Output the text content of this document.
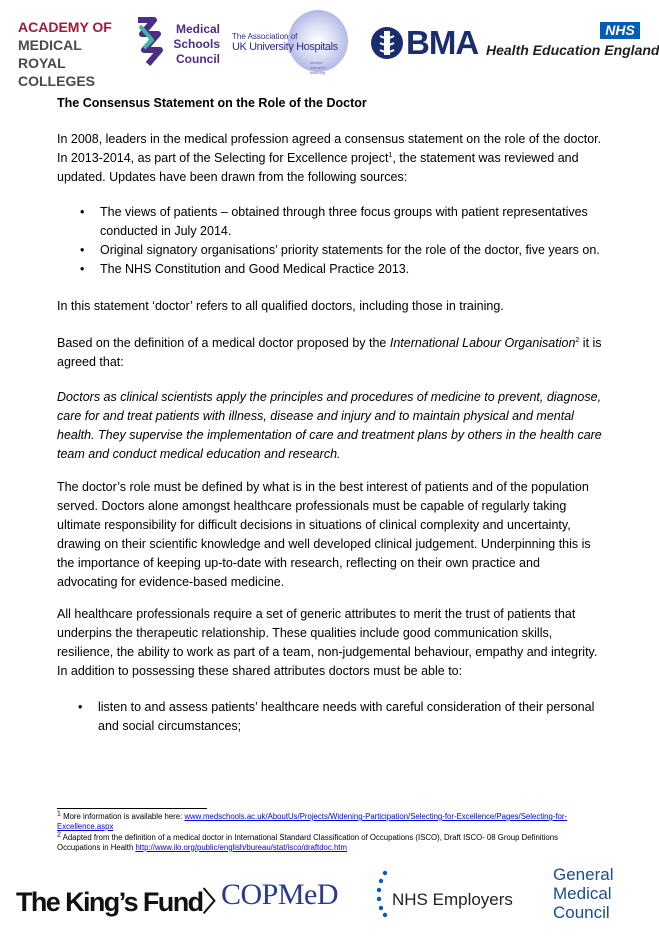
ACADEMY OF
MEDICAL ROYAL
COLLEGES
Medical
Schools
Council
The Association of
UK University Hospitals
service
research
teaching
BMA	NHS
Health Education England

The Consensus Statement on the Role of the Doctor

In 2008, leaders in the medical profession agreed a consensus statement on the role of the doctor. In 2013-2014, as part of the Selecting for Excellence project$^1$, the statement was reviewed and updated. Updates have been drawn from the following sources:

• The views of patients – obtained through three focus groups with patient representatives conducted in July 2014.
• Original signatory organisations’ priority statements for the role of the doctor, five years on.
• The NHS Constitution and Good Medical Practice 2013.

In this statement ‘doctor’ refers to all qualified doctors, including those in training.

Based on the definition of a medical doctor proposed by the International Labour Organisation$^2$ it is agreed that:

Doctors as clinical scientists apply the principles and procedures of medicine to prevent, diagnose, care for and treat patients with illness, disease and injury and to maintain physical and mental health. They supervise the implementation of care and treatment plans by others in the health care team and conduct medical education and research.

The doctor’s role must be defined by what is in the best interest of patients and of the population served. Doctors alone amongst healthcare professionals must be capable of regularly taking ultimate responsibility for difficult decisions in situations of clinical complexity and uncertainty, drawing on their scientific knowledge and well developed clinical judgement. Underpinning this is the importance of keeping up-to-date with research, reflecting on their own practice and advocating for evidence-based medicine.

All healthcare professionals require a set of generic attributes to merit the trust of patients that underpins the therapeutic relationship. These qualities include good communication skills, resilience, the ability to work as part of a team, non-judgemental behaviour, empathy and integrity. In addition to possessing these shared attributes doctors must be able to:

• listen to and assess patients’ healthcare needs with careful consideration of their personal and social circumstances;
$^1$ More information is available here: www.medschools.ac.uk/AboutUs/Projects/Widening-Participation/Selecting-for-Excellence/Pages/Selecting-for-Excellence.aspx
$^2$ Adapted from the definition of a medical doctor in International Standard Classification of Occupations (ISCO), Draft ISCO- 08 Group Definitions Occupations in Health http://www.ilo.org/public/english/bureau/stat/isco/draftdoc.htm
The King’s Fund〉
COPMeD	NHS Employers
General
Medical
Council
